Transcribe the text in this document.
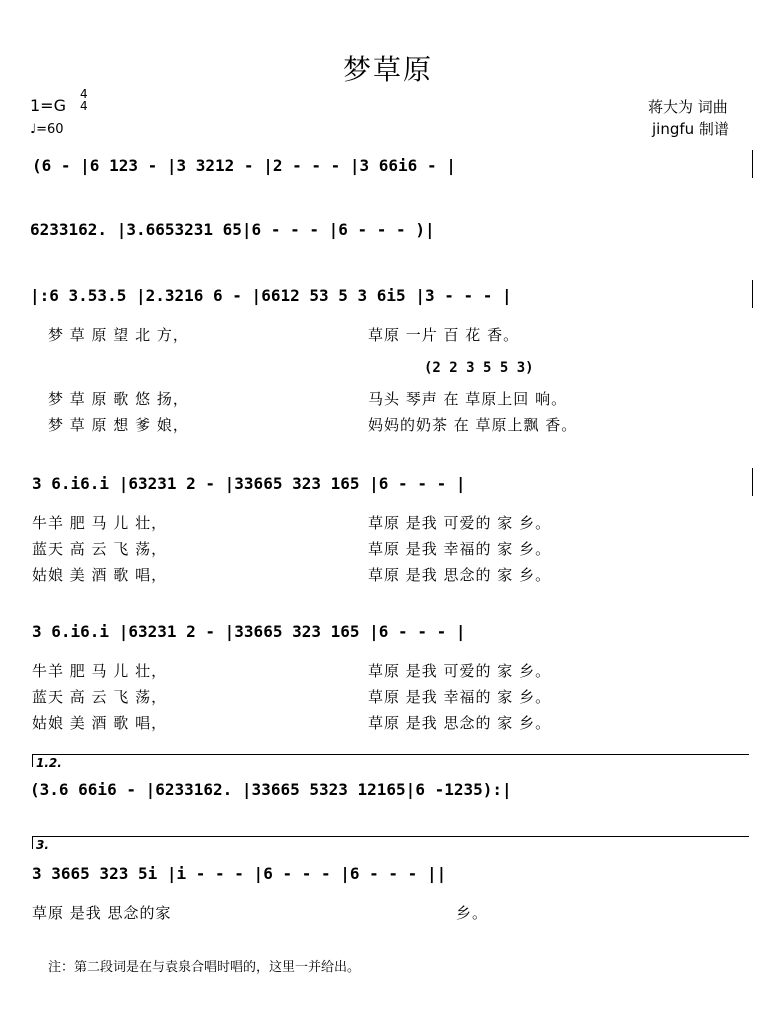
梦草原
1=G
4
4
♩=60
蒋大为 词曲
jingfu 制谱
(6 - |6 123 - |3 3212 - |2 - - - |3 66i6 - |
6233162. |3.6653231 65|6 - - - |6 - - - )|
|:6 3.53.5 |2.3216 6 - |6612 53 5 3 6i5 |3 - - - |
梦 草 原 望 北 方，	草原 一片 百 花 香。
(2 2 3 5 5 3)
梦 草 原 歌 悠 扬，	马头 琴声 在 草原上回 响。
梦 草 原 想 爹 娘，	妈妈的奶茶 在 草原上飘 香。
3 6.i6.i |63231 2 - |33665 323 165 |6 - - - |
牛羊 肥 马 儿 壮，	草原 是我 可爱的 家 乡。
蓝天 高 云 飞 荡，	草原 是我 幸福的 家 乡。
姑娘 美 酒 歌 唱，	草原 是我 思念的 家 乡。
3 6.i6.i |63231 2 - |33665 323 165 |6 - - - |
牛羊 肥 马 儿 壮，	草原 是我 可爱的 家 乡。
蓝天 高 云 飞 荡，	草原 是我 幸福的 家 乡。
姑娘 美 酒 歌 唱，	草原 是我 思念的 家 乡。
1.2.
(3.6 66i6 - |6233162. |33665 5323 12165|6 -1235):|
3.
3 3665 323 5i |i - - - |6 - - - |6 - - - ||
草原 是我 思念的家	乡。
注：第二段词是在与袁泉合唱时唱的，这里一并给出。
